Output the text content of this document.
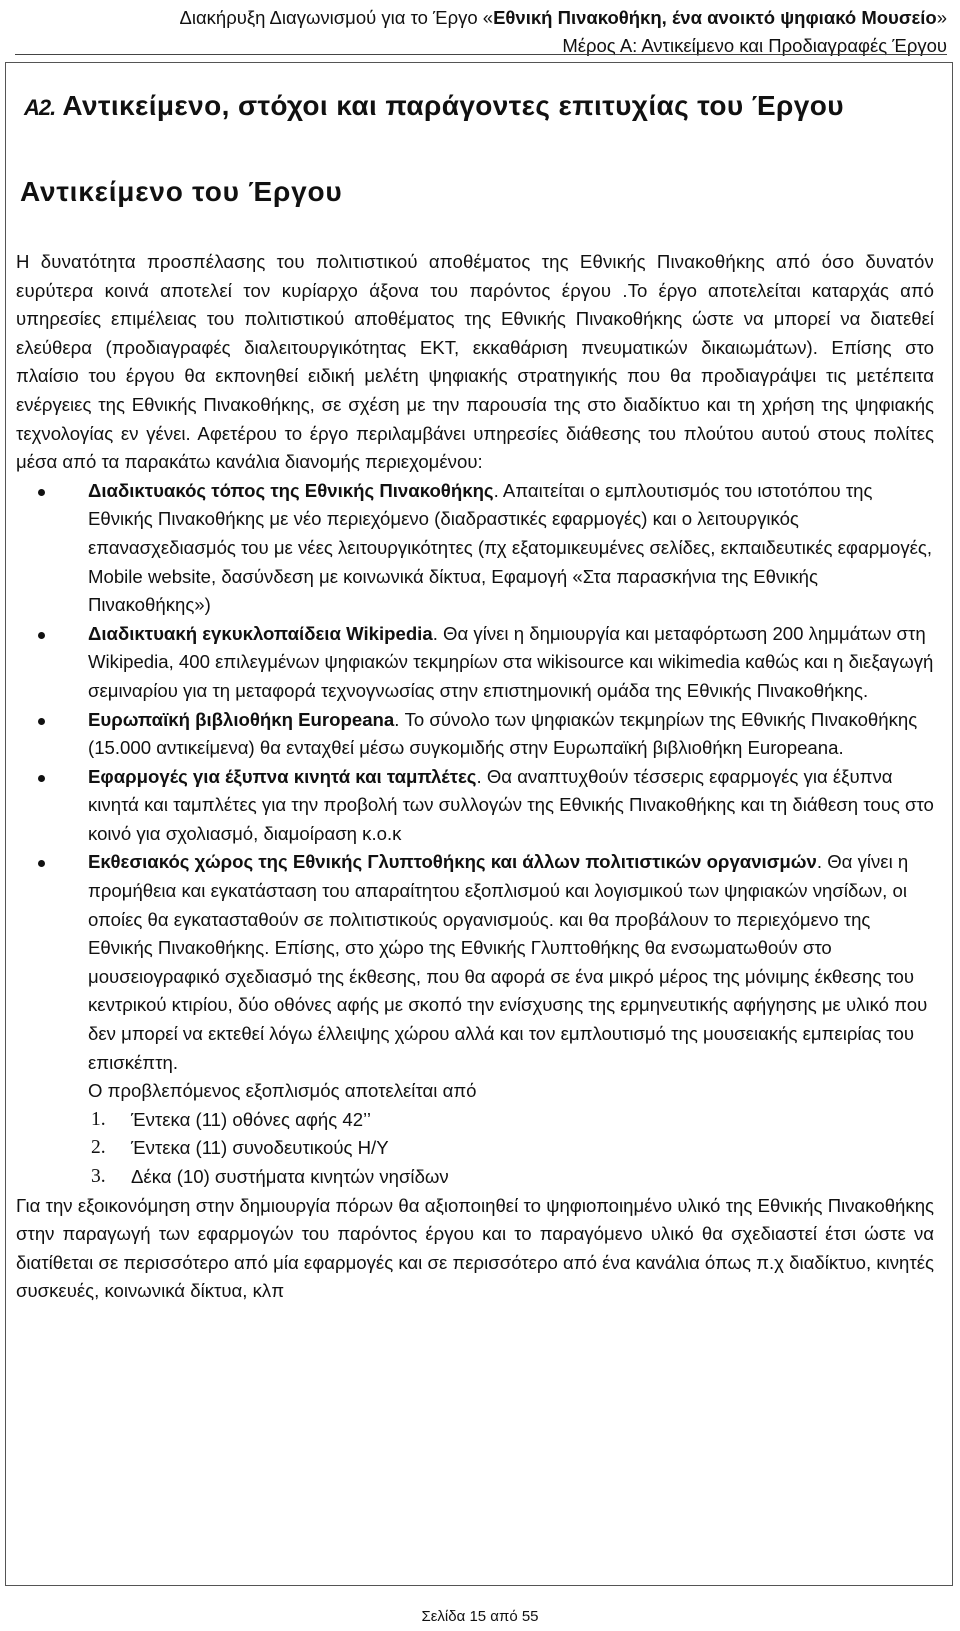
Διακήρυξη Διαγωνισμού για το Έργο «Εθνική Πινακοθήκη, ένα ανοικτό ψηφιακό Μουσείο»
Μέρος Α: Αντικείμενο και Προδιαγραφές Έργου
Α2. Αντικείμενο, στόχοι και παράγοντες επιτυχίας του Έργου
Αντικείμενο του Έργου

Η δυνατότητα προσπέλασης του πολιτιστικού αποθέματος της Εθνικής Πινακοθήκης από όσο δυνατόν ευρύτερα κοινά αποτελεί τον κυρίαρχο άξονα του παρόντος έργου .Το έργο αποτελείται καταρχάς από υπηρεσίες επιμέλειας του πολιτιστικού αποθέματος της Εθνικής Πινακοθήκης ώστε να μπορεί να διατεθεί ελεύθερα (προδιαγραφές διαλειτουργικότητας ΕΚΤ, εκκαθάριση πνευματικών δικαιωμάτων). Επίσης στο πλαίσιο του έργου θα εκπονηθεί ειδική μελέτη ψηφιακής στρατηγικής που θα προδιαγράψει τις μετέπειτα ενέργειες της Εθνικής Πινακοθήκης, σε σχέση με την παρουσία της στο διαδίκτυο και τη χρήση της ψηφιακής τεχνολογίας εν γένει. Αφετέρου το έργο περιλαμβάνει υπηρεσίες διάθεσης του πλούτου αυτού στους πολίτες μέσα από τα παρακάτω κανάλια διανομής περιεχομένου:

Διαδικτυακός τόπος της Εθνικής Πινακοθήκης. Απαιτείται ο εμπλουτισμός του ιστοτόπου της Εθνικής Πινακοθήκης με νέο περιεχόμενο (διαδραστικές εφαρμογές) και ο λειτουργικός επανασχεδιασμός του με νέες λειτουργικότητες (πχ εξατομικευμένες σελίδες, εκπαιδευτικές εφαρμογές, Mobile website, δασύνδεση με κοινωνικά δίκτυα, Εφαμογή «Στα παρασκήνια της Εθνικής Πινακοθήκης»)
Διαδικτυακή εγκυκλοπαίδεια Wikipedia. Θα γίνει η δημιουργία και μεταφόρτωση 200 λημμάτων στη Wikipedia, 400 επιλεγμένων ψηφιακών τεκμηρίων στα wikisource και wikimedia καθώς και η διεξαγωγή σεμιναρίου για τη μεταφορά τεχνογνωσίας στην επιστημονική ομάδα της Εθνικής Πινακοθήκης.
Ευρωπαϊκή βιβλιοθήκη Europeana. Το σύνολο των ψηφιακών τεκμηρίων της Εθνικής Πινακοθήκης (15.000 αντικείμενα) θα ενταχθεί μέσω συγκομιδής στην Ευρωπαϊκή βιβλιοθήκη Europeana.
Εφαρμογές για έξυπνα κινητά και ταμπλέτες. Θα αναπτυχθούν τέσσερις εφαρμογές για έξυπνα κινητά και ταμπλέτες για την προβολή των συλλογών της Εθνικής Πινακοθήκης και τη διάθεση τους στο κοινό για σχολιασμό, διαμοίραση κ.ο.κ
Εκθεσιακός χώρος της Εθνικής Γλυπτοθήκης και άλλων πολιτιστικών οργανισμών. Θα γίνει η προμήθεια και εγκατάσταση του απαραίτητου εξοπλισμού και λογισμικού των ψηφιακών νησίδων, οι οποίες θα εγκατασταθούν σε πολιτιστικούς οργανισμούς. και θα προβάλουν το περιεχόμενο της Εθνικής Πινακοθήκης. Επίσης, στο χώρο της Εθνικής Γλυπτοθήκης θα ενσωματωθούν στο μουσειογραφικό σχεδιασμό της έκθεσης, που θα αφορά σε ένα μικρό μέρος της μόνιμης έκθεσης του κεντρικού κτιρίου, δύο οθόνες αφής με σκοπό την ενίσχυσης της ερμηνευτικής αφήγησης με υλικό που δεν μπορεί να εκτεθεί λόγω έλλειψης χώρου αλλά και τον εμπλουτισμό της μουσειακής εμπειρίας του επισκέπτη.
Ο προβλεπόμενος εξοπλισμός αποτελείται από
1. Έντεκα (11) οθόνες αφής 42’’
2. Έντεκα (11) συνοδευτικούς Η/Υ
3. Δέκα (10) συστήματα κινητών νησίδων

Για την εξοικονόμηση στην δημιουργία πόρων θα αξιοποιηθεί το ψηφιοποιημένο υλικό της Εθνικής Πινακοθήκης στην παραγωγή των εφαρμογών του παρόντος έργου και το παραγόμενο υλικό θα σχεδιαστεί έτσι ώστε να διατίθεται σε περισσότερο από μία εφαρμογές και σε περισσότερο από ένα κανάλια όπως π.χ διαδίκτυο, κινητές συσκευές, κοινωνικά δίκτυα, κλπ

Σελίδα 15 από 55
